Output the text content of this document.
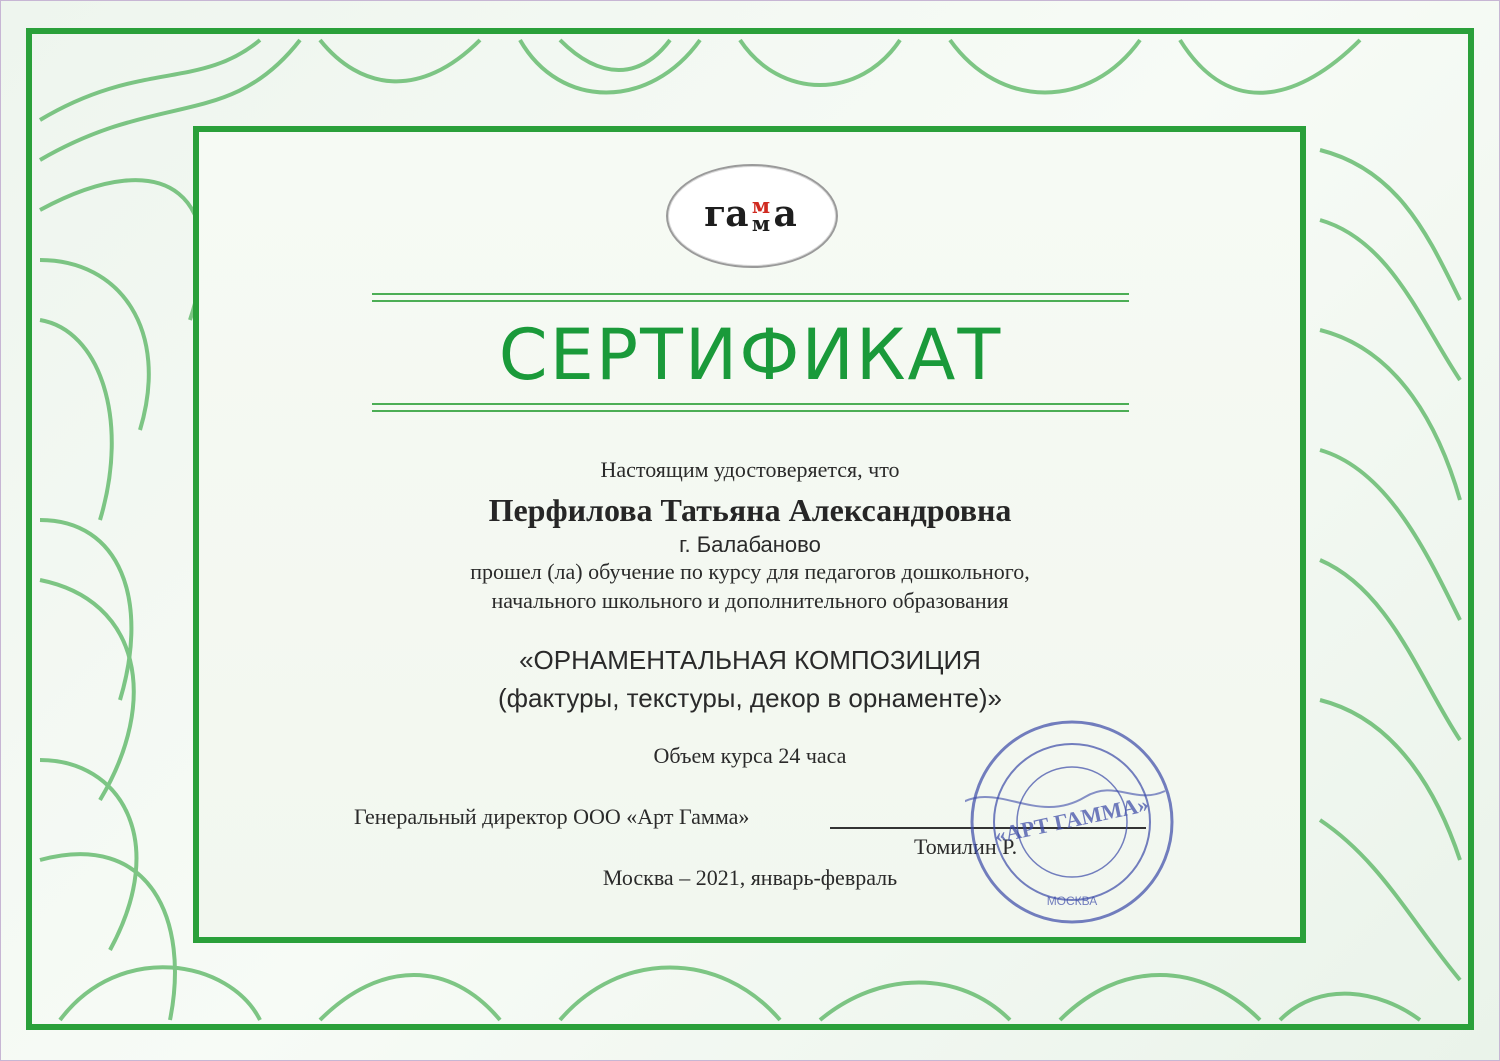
га м
м а
СЕРТИФИКАТ
Настоящим удостоверяется, что
Перфилова Татьяна Александровна
г. Балабаново
прошел (ла) обучение по курсу для педагогов дошкольного,
начального школьного и дополнительного образования
«ОРНАМЕНТАЛЬНАЯ КОМПОЗИЦИЯ
(фактуры, текстуры, декор в орнаменте)»
Объем курса 24 часа
Генеральный директор ООО «Арт Гамма»
Томилин Р.
Москва – 2021, январь-февраль
«АРТ ГАММА»
МОСКВА
